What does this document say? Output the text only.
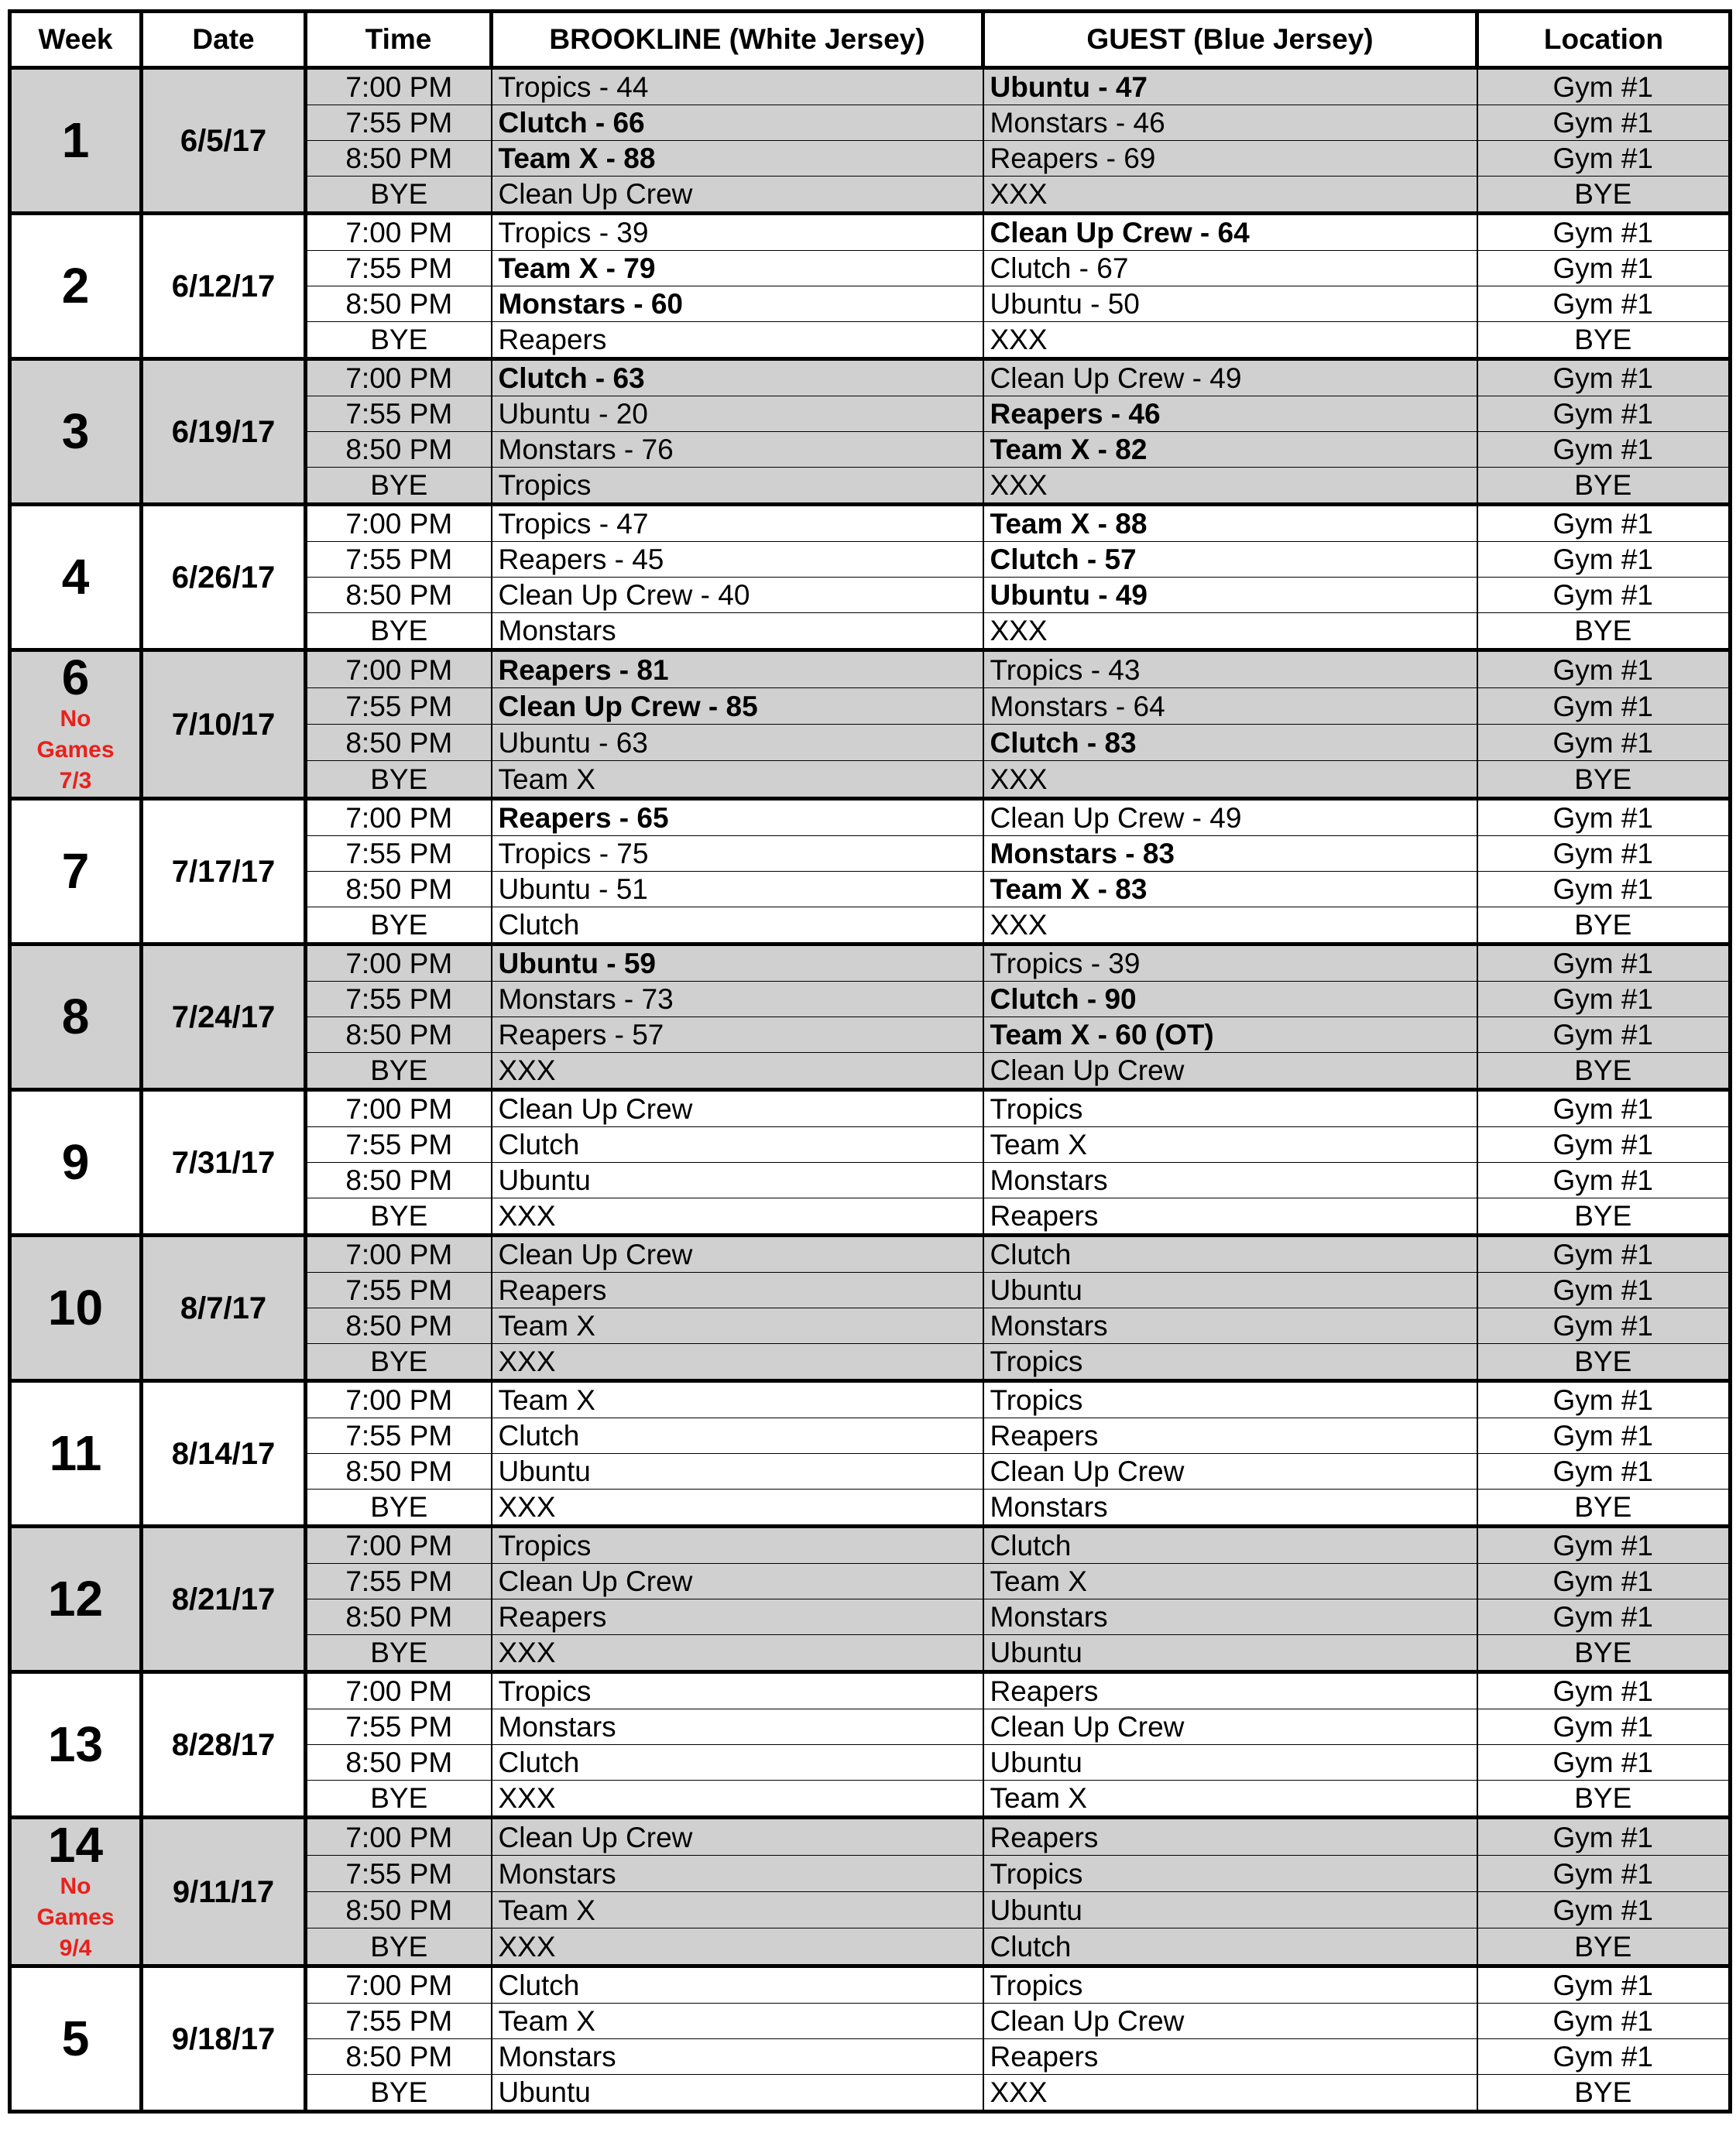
Week	Date	Time	BROOKLINE (White Jersey)	GUEST (Blue Jersey)	Location

1	6/5/17	7:00 PM	Tropics - 44	Ubuntu - 47	Gym #1
		7:55 PM	Clutch - 66	Monstars - 46	Gym #1
		8:50 PM	Team X - 88	Reapers - 69	Gym #1
		BYE	Clean Up Crew	XXX	BYE

2	6/12/17	7:00 PM	Tropics - 39	Clean Up Crew - 64	Gym #1
		7:55 PM	Team X - 79	Clutch - 67	Gym #1
		8:50 PM	Monstars - 60	Ubuntu - 50	Gym #1
		BYE	Reapers	XXX	BYE

3	6/19/17	7:00 PM	Clutch - 63	Clean Up Crew - 49	Gym #1
		7:55 PM	Ubuntu - 20	Reapers - 46	Gym #1
		8:50 PM	Monstars - 76	Team X - 82	Gym #1
		BYE	Tropics	XXX	BYE

4	6/26/17	7:00 PM	Tropics - 47	Team X - 88	Gym #1
		7:55 PM	Reapers - 45	Clutch - 57	Gym #1
		8:50 PM	Clean Up Crew - 40	Ubuntu - 49	Gym #1
		BYE	Monstars	XXX	BYE

6
No
Games
7/3	7/10/17	7:00 PM	Reapers - 81	Tropics - 43	Gym #1
		7:55 PM	Clean Up Crew - 85	Monstars - 64	Gym #1
		8:50 PM	Ubuntu - 63	Clutch - 83	Gym #1
		BYE	Team X	XXX	BYE

7	7/17/17	7:00 PM	Reapers - 65	Clean Up Crew - 49	Gym #1
		7:55 PM	Tropics - 75	Monstars - 83	Gym #1
		8:50 PM	Ubuntu - 51	Team X - 83	Gym #1
		BYE	Clutch	XXX	BYE

8	7/24/17	7:00 PM	Ubuntu - 59	Tropics - 39	Gym #1
		7:55 PM	Monstars - 73	Clutch - 90	Gym #1
		8:50 PM	Reapers - 57	Team X - 60 (OT)	Gym #1
		BYE	XXX	Clean Up Crew	BYE

9	7/31/17	7:00 PM	Clean Up Crew	Tropics	Gym #1
		7:55 PM	Clutch	Team X	Gym #1
		8:50 PM	Ubuntu	Monstars	Gym #1
		BYE	XXX	Reapers	BYE

10	8/7/17	7:00 PM	Clean Up Crew	Clutch	Gym #1
		7:55 PM	Reapers	Ubuntu	Gym #1
		8:50 PM	Team X	Monstars	Gym #1
		BYE	XXX	Tropics	BYE

11	8/14/17	7:00 PM	Team X	Tropics	Gym #1
		7:55 PM	Clutch	Reapers	Gym #1
		8:50 PM	Ubuntu	Clean Up Crew	Gym #1
		BYE	XXX	Monstars	BYE

12	8/21/17	7:00 PM	Tropics	Clutch	Gym #1
		7:55 PM	Clean Up Crew	Team X	Gym #1
		8:50 PM	Reapers	Monstars	Gym #1
		BYE	XXX	Ubuntu	BYE

13	8/28/17	7:00 PM	Tropics	Reapers	Gym #1
		7:55 PM	Monstars	Clean Up Crew	Gym #1
		8:50 PM	Clutch	Ubuntu	Gym #1
		BYE	XXX	Team X	BYE

14
No
Games
9/4	9/11/17	7:00 PM	Clean Up Crew	Reapers	Gym #1
		7:55 PM	Monstars	Tropics	Gym #1
		8:50 PM	Team X	Ubuntu	Gym #1
		BYE	XXX	Clutch	BYE

5	9/18/17	7:00 PM	Clutch	Tropics	Gym #1
		7:55 PM	Team X	Clean Up Crew	Gym #1
		8:50 PM	Monstars	Reapers	Gym #1
		BYE	Ubuntu	XXX	BYE
